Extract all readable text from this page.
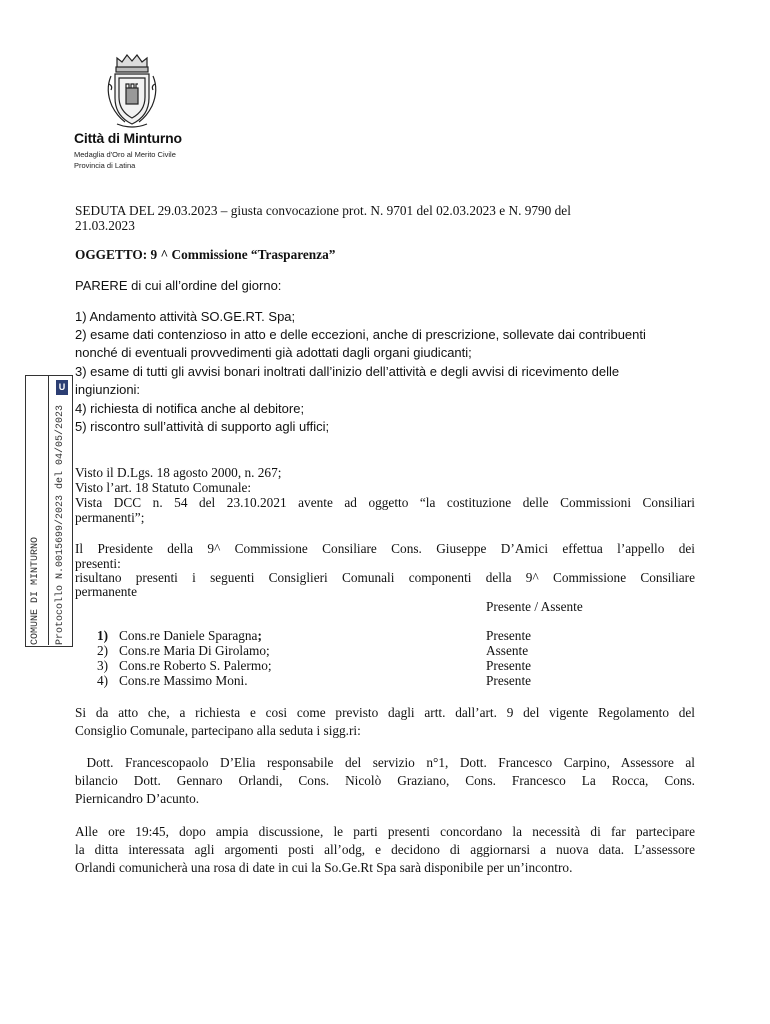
Città di Minturno
Medaglia d'Oro al Merito Civile
Provincia di Latina
COMUNE DI MINTURNO Protocollo N.0015699/2023 del 04/05/2023
U
SEDUTA DEL 29.03.2023 – giusta convocazione prot. N. 9701 del 02.03.2023 e N. 9790 del
21.03.2023
OGGETTO: 9 ^ Commissione “Trasparenza”
PARERE di cui all’ordine del giorno:
1) Andamento attività SO.GE.RT. Spa;
2) esame dati contenzioso in atto e delle eccezioni, anche di prescrizione, sollevate dai contribuenti
nonché di eventuali provvedimenti già adottati dagli organi giudicanti;
3) esame di tutti gli avvisi bonari inoltrati dall’inizio dell’attività e degli avvisi di ricevimento delle
ingiunzioni:
4) richiesta di notifica anche al debitore;
5) riscontro sull’attività di supporto agli uffici;
Visto il D.Lgs. 18 agosto 2000, n. 267;
Visto l’art. 18 Statuto Comunale:
Vista DCC n. 54 del 23.10.2021 avente ad oggetto “la costituzione delle Commissioni Consiliari
permanenti”;
Il Presidente della 9^ Commissione Consiliare Cons. Giuseppe D’Amici effettua l’appello dei
presenti:
risultano presenti i seguenti Consiglieri Comunali componenti della 9^ Commissione Consiliare
permanente
Presente / Assente
1) Cons.re Daniele Sparagna;	Presente
2) Cons.re Maria Di Girolamo;	Assente
3) Cons.re Roberto S. Palermo;	Presente
4) Cons.re Massimo Moni.	Presente
Si da atto che, a richiesta e cosi come previsto dagli artt. dall’art. 9 del vigente Regolamento del
Consiglio Comunale, partecipano alla seduta i sigg.ri:
Dott. Francescopaolo D’Elia responsabile del servizio n°1, Dott. Francesco Carpino, Assessore al
bilancio Dott. Gennaro Orlandi, Cons. Nicolò Graziano, Cons. Francesco La Rocca, Cons.
Piernicandro D’acunto.
Alle ore 19:45, dopo ampia discussione, le parti presenti concordano la necessità di far partecipare
la ditta interessata agli argomenti posti all’odg, e decidono di aggiornarsi a nuova data. L’assessore
Orlandi comunicherà una rosa di date in cui la So.Ge.Rt Spa sarà disponibile per un’incontro.
